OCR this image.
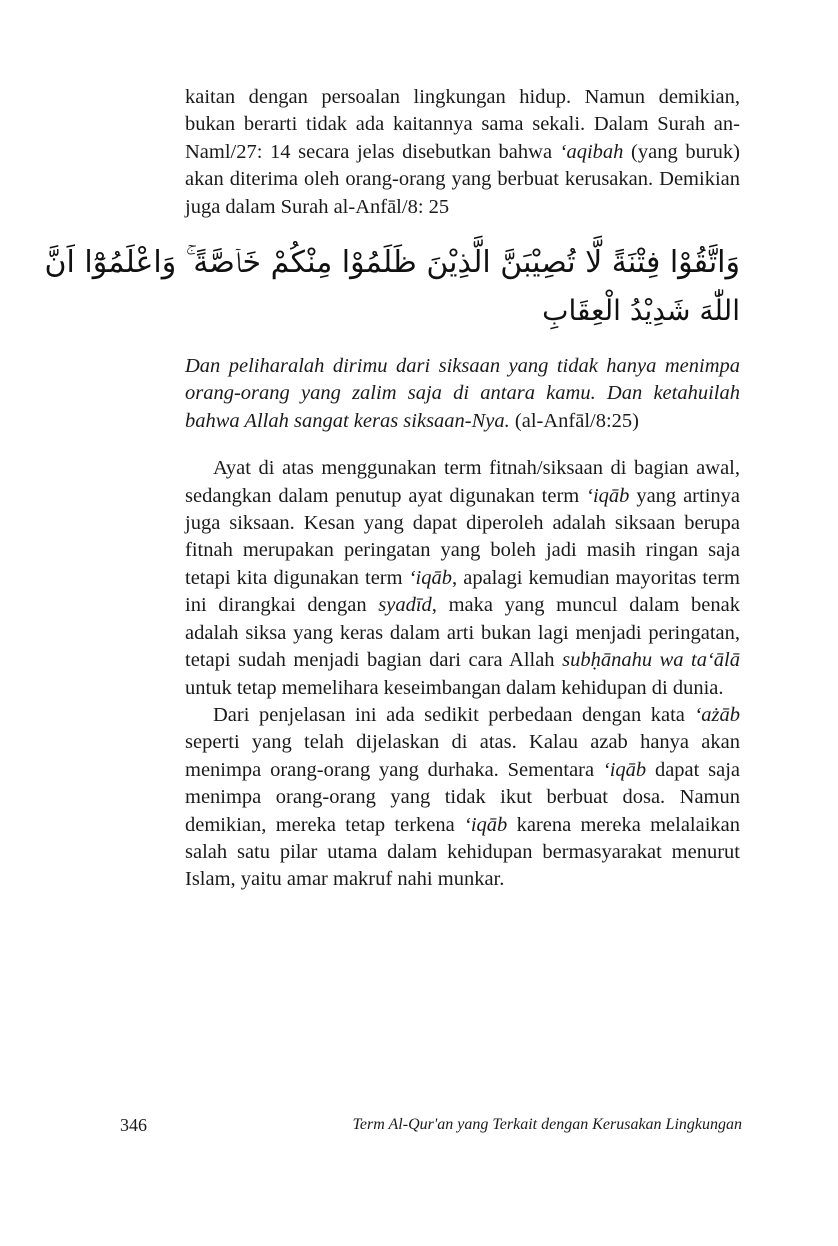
kaitan dengan persoalan lingkungan hidup. Namun demikian, bukan berarti tidak ada kaitannya sama sekali. Dalam Surah an-Naml/27: 14 secara jelas disebutkan bahwa ‘aqibah (yang buruk) akan diterima oleh orang-orang yang berbuat kerusakan. Demikian juga dalam Surah al-Anfāl/8: 25

وَاتَّقُوْا فِتْنَةً لَّا تُصِيْبَنَّ الَّذِيْنَ ظَلَمُوْا مِنْكُمْ خَاۤصَّةً ۚ وَاعْلَمُوْٓا اَنَّ
اللّٰهَ شَدِيْدُ الْعِقَابِ

Dan peliharalah dirimu dari siksaan yang tidak hanya menimpa orang-orang yang zalim saja di antara kamu. Dan ketahuilah bahwa Allah sangat keras siksaan-Nya. (al-Anfāl/8:25)

Ayat di atas menggunakan term fitnah/siksaan di bagian awal, sedangkan dalam penutup ayat digunakan term ‘iqāb yang artinya juga siksaan. Kesan yang dapat diperoleh adalah siksaan berupa fitnah merupakan peringatan yang boleh jadi masih ringan saja tetapi kita digunakan term ‘iqāb, apalagi kemudian mayoritas term ini dirangkai dengan syadīd, maka yang muncul dalam benak adalah siksa yang keras dalam arti bukan lagi menjadi peringatan, tetapi sudah menjadi bagian dari cara Allah subḥānahu wa ta‘ālā untuk tetap memelihara keseimbangan dalam kehidupan di dunia.

Dari penjelasan ini ada sedikit perbedaan dengan kata ‘ażāb seperti yang telah dijelaskan di atas. Kalau azab hanya akan menimpa orang-orang yang durhaka. Sementara ‘iqāb dapat saja menimpa orang-orang yang tidak ikut berbuat dosa. Namun demikian, mereka tetap terkena ‘iqāb karena mereka melalaikan salah satu pilar utama dalam kehidupan bermasyarakat menurut Islam, yaitu amar makruf nahi munkar.

346	Term Al-Qur'an yang Terkait dengan Kerusakan Lingkungan
